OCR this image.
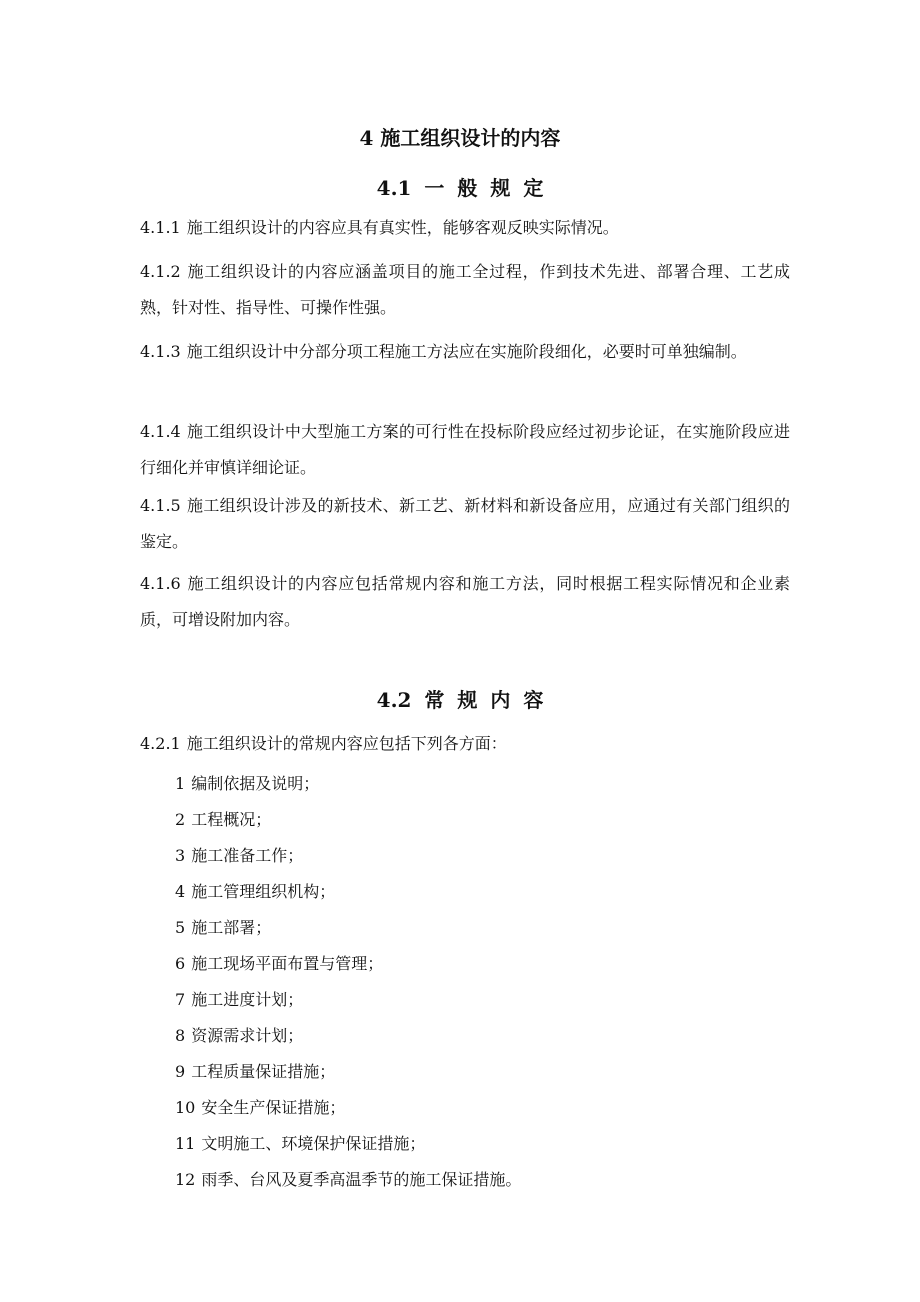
4 施工组织设计的内容
4.1 一 般 规 定
4.1.1 施工组织设计的内容应具有真实性，能够客观反映实际情况。
4.1.2 施工组织设计的内容应涵盖项目的施工全过程，作到技术先进、部署合理、工艺成熟，针对性、指导性、可操作性强。
4.1.3 施工组织设计中分部分项工程施工方法应在实施阶段细化，必要时可单独编制。
4.1.4 施工组织设计中大型施工方案的可行性在投标阶段应经过初步论证，在实施阶段应进行细化并审慎详细论证。
4.1.5 施工组织设计涉及的新技术、新工艺、新材料和新设备应用，应通过有关部门组织的鉴定。
4.1.6 施工组织设计的内容应包括常规内容和施工方法，同时根据工程实际情况和企业素质，可增设附加内容。
4.2 常 规 内 容
4.2.1 施工组织设计的常规内容应包括下列各方面：
1 编制依据及说明；
2 工程概况；
3 施工准备工作；
4 施工管理组织机构；
5 施工部署；
6 施工现场平面布置与管理；
7 施工进度计划；
8 资源需求计划；
9 工程质量保证措施；
10 安全生产保证措施；
11 文明施工、环境保护保证措施；
12 雨季、台风及夏季高温季节的施工保证措施。
